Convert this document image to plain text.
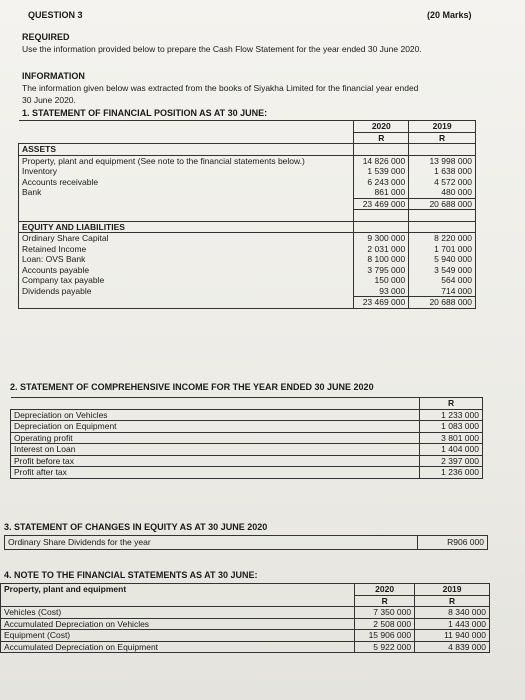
QUESTION 3	(20 Marks)
REQUIRED
Use the information provided below to prepare the Cash Flow Statement for the year ended 30 June 2020.
INFORMATION
The information given below was extracted from the books of Siyakha Limited for the financial year ended
30 June 2020.
1. STATEMENT OF FINANCIAL POSITION AS AT 30 JUNE:
	2020	2019
	R	R
ASSETS		
Property, plant and equipment (See note to the financial statements below.)	14 826 000	13 998 000
Inventory	1 539 000	1 638 000
Accounts receivable	6 243 000	4 572 000
Bank	861 000	480 000
	23 469 000	20 688 000

EQUITY AND LIABILITIES		
Ordinary Share Capital	9 300 000	8 220 000
Retained Income	2 031 000	1 701 000
Loan: OVS Bank	8 100 000	5 940 000
Accounts payable	3 795 000	3 549 000
Company tax payable	150 000	564 000
Dividends payable	93 000	714 000
	23 469 000	20 688 000
2. STATEMENT OF COMPREHENSIVE INCOME FOR THE YEAR ENDED 30 JUNE 2020
	R
Depreciation on Vehicles	1 233 000
Depreciation on Equipment	1 083 000
Operating profit	3 801 000
Interest on Loan	1 404 000
Profit before tax	2 397 000
Profit after tax	1 236 000
3. STATEMENT OF CHANGES IN EQUITY AS AT 30 JUNE 2020
Ordinary Share Dividends for the year	R906 000
4. NOTE TO THE FINANCIAL STATEMENTS AS AT 30 JUNE:
Property, plant and equipment	2020	2019
	R	R
Vehicles (Cost)	7 350 000	8 340 000
Accumulated Depreciation on Vehicles	2 508 000	1 443 000
Equipment (Cost)	15 906 000	11 940 000
Accumulated Depreciation on Equipment	5 922 000	4 839 000
